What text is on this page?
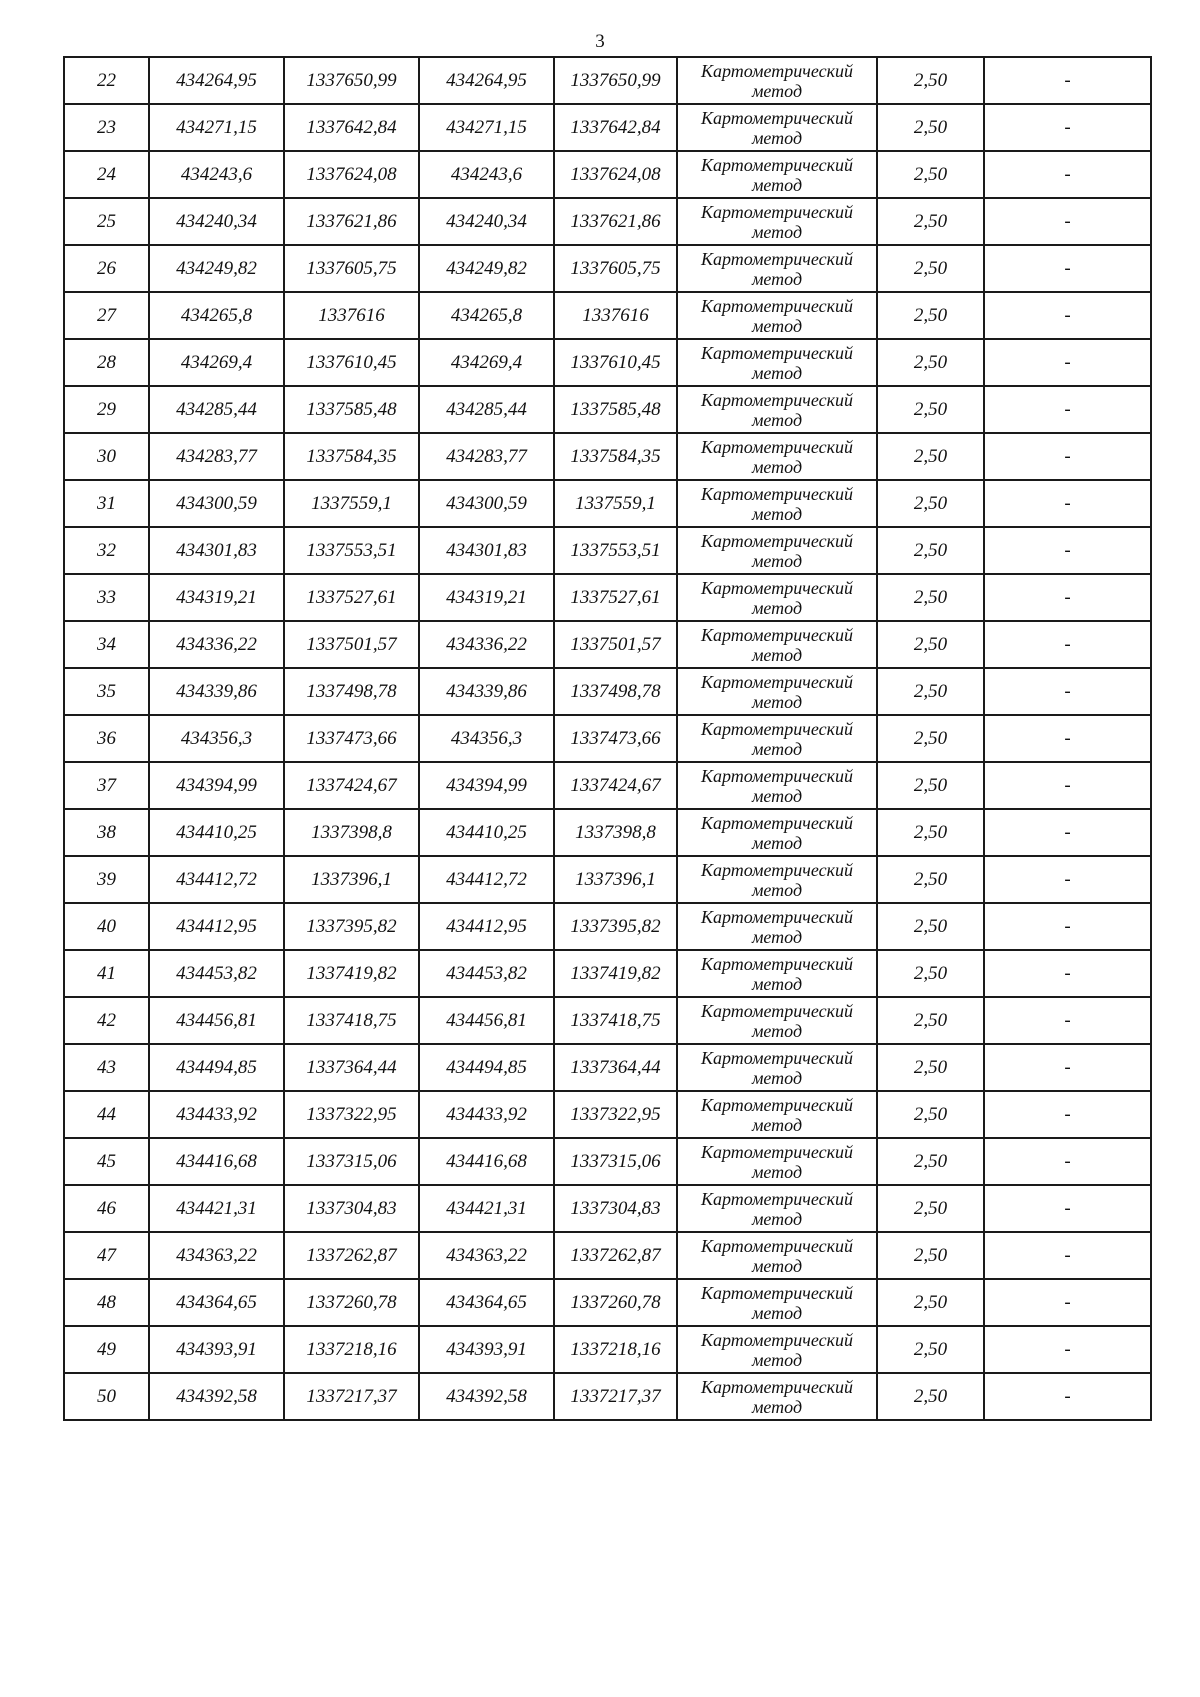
3
22	434264,95	1337650,99	434264,95	1337650,99	Картометрический
метод	2,50	-
23	434271,15	1337642,84	434271,15	1337642,84	Картометрический
метод	2,50	-
24	434243,6	1337624,08	434243,6	1337624,08	Картометрический
метод	2,50	-
25	434240,34	1337621,86	434240,34	1337621,86	Картометрический
метод	2,50	-
26	434249,82	1337605,75	434249,82	1337605,75	Картометрический
метод	2,50	-
27	434265,8	1337616	434265,8	1337616	Картометрический
метод	2,50	-
28	434269,4	1337610,45	434269,4	1337610,45	Картометрический
метод	2,50	-
29	434285,44	1337585,48	434285,44	1337585,48	Картометрический
метод	2,50	-
30	434283,77	1337584,35	434283,77	1337584,35	Картометрический
метод	2,50	-
31	434300,59	1337559,1	434300,59	1337559,1	Картометрический
метод	2,50	-
32	434301,83	1337553,51	434301,83	1337553,51	Картометрический
метод	2,50	-
33	434319,21	1337527,61	434319,21	1337527,61	Картометрический
метод	2,50	-
34	434336,22	1337501,57	434336,22	1337501,57	Картометрический
метод	2,50	-
35	434339,86	1337498,78	434339,86	1337498,78	Картометрический
метод	2,50	-
36	434356,3	1337473,66	434356,3	1337473,66	Картометрический
метод	2,50	-
37	434394,99	1337424,67	434394,99	1337424,67	Картометрический
метод	2,50	-
38	434410,25	1337398,8	434410,25	1337398,8	Картометрический
метод	2,50	-
39	434412,72	1337396,1	434412,72	1337396,1	Картометрический
метод	2,50	-
40	434412,95	1337395,82	434412,95	1337395,82	Картометрический
метод	2,50	-
41	434453,82	1337419,82	434453,82	1337419,82	Картометрический
метод	2,50	-
42	434456,81	1337418,75	434456,81	1337418,75	Картометрический
метод	2,50	-
43	434494,85	1337364,44	434494,85	1337364,44	Картометрический
метод	2,50	-
44	434433,92	1337322,95	434433,92	1337322,95	Картометрический
метод	2,50	-
45	434416,68	1337315,06	434416,68	1337315,06	Картометрический
метод	2,50	-
46	434421,31	1337304,83	434421,31	1337304,83	Картометрический
метод	2,50	-
47	434363,22	1337262,87	434363,22	1337262,87	Картометрический
метод	2,50	-
48	434364,65	1337260,78	434364,65	1337260,78	Картометрический
метод	2,50	-
49	434393,91	1337218,16	434393,91	1337218,16	Картометрический
метод	2,50	-
50	434392,58	1337217,37	434392,58	1337217,37	Картометрический
метод	2,50	-
